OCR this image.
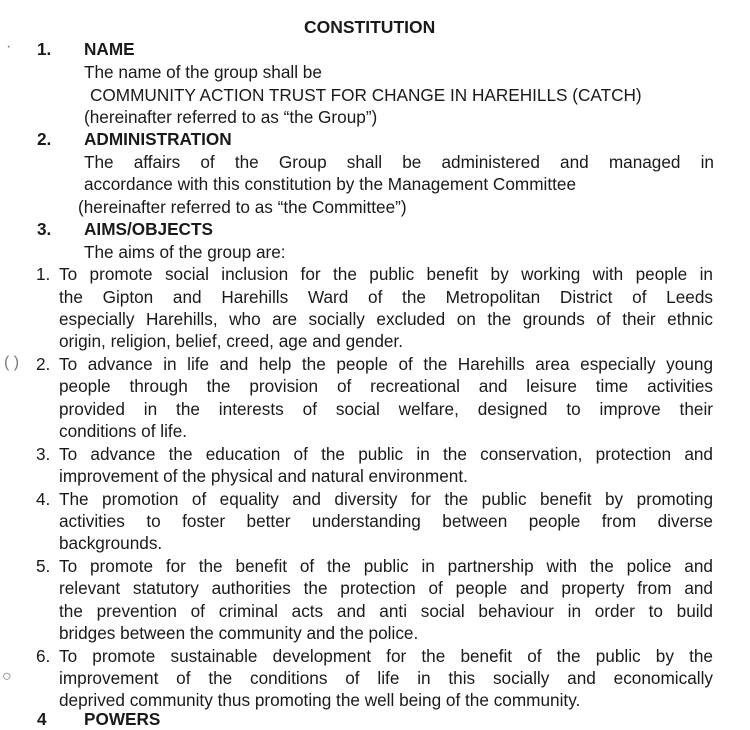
·
CONSTITUTION
1. NAME
The name of the group shall be
COMMUNITY ACTION TRUST FOR CHANGE IN HAREHILLS (CATCH)
(hereinafter referred to as “the Group”)
2. ADMINISTRATION
The affairs of the Group shall be administered and managed in
accordance with this constitution by the Management Committee
(hereinafter referred to as “the Committee”)
3. AIMS/OBJECTS
The aims of the group are:
1. To promote social inclusion for the public benefit by working with people in
the Gipton and Harehills Ward of the Metropolitan District of Leeds
especially Harehills, who are socially excluded on the grounds of their ethnic
origin, religion, belief, creed, age and gender.
( ) 2. To advance in life and help the people of the Harehills area especially young
people through the provision of recreational and leisure time activities
provided in the interests of social welfare, designed to improve their
conditions of life.
3. To advance the education of the public in the conservation, protection and
improvement of the physical and natural environment.
4. The promotion of equality and diversity for the public benefit by promoting
activities to foster better understanding between people from diverse
backgrounds.
5. To promote for the benefit of the public in partnership with the police and
relevant statutory authorities the protection of people and property from and
the prevention of criminal acts and anti social behaviour in order to build
bridges between the community and the police.
6. To promote sustainable development for the benefit of the public by the
○	improvement of the conditions of life in this socially and economically
deprived community thus promoting the well being of the community.
4 POWERS
